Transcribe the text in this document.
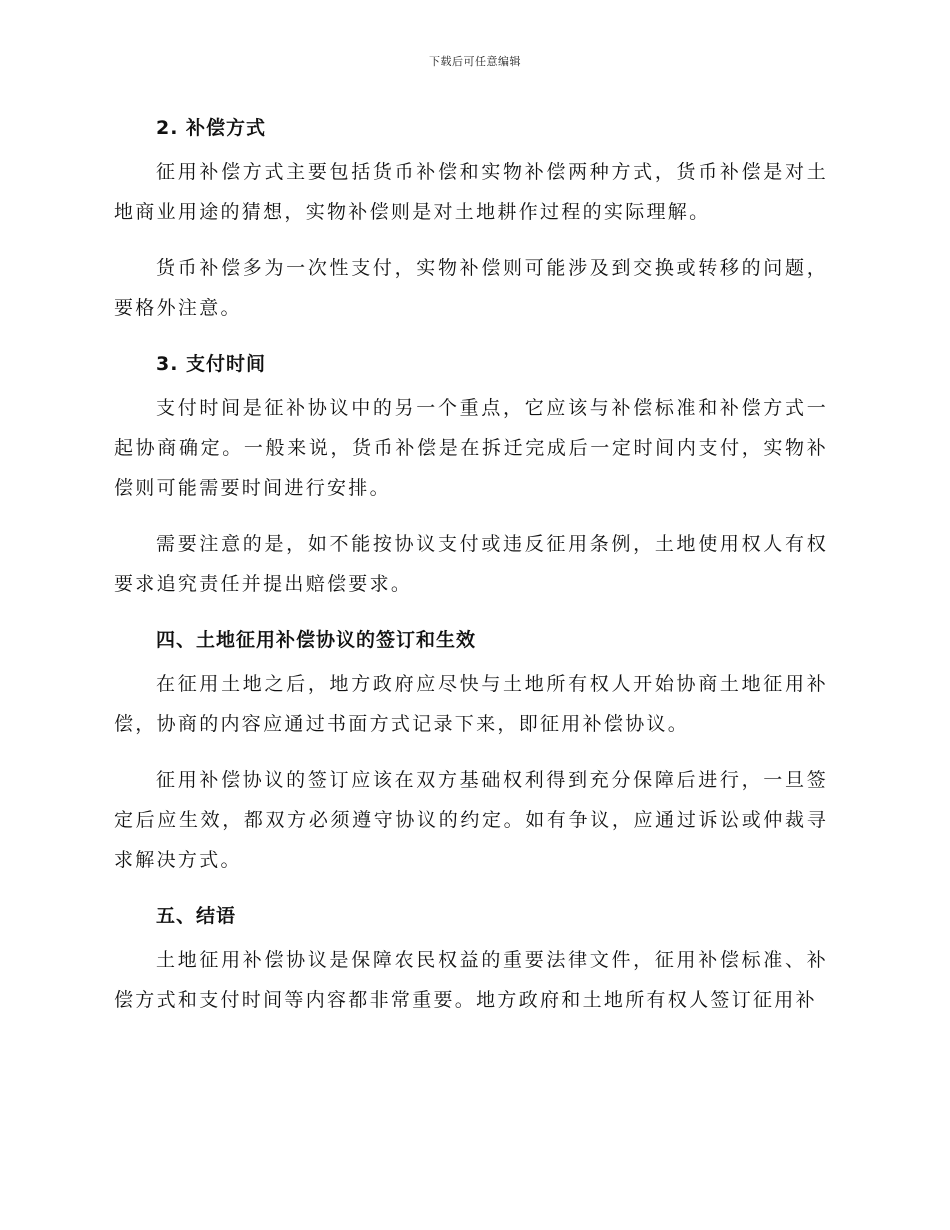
下载后可任意编辑
2. 补偿方式

征用补偿方式主要包括货币补偿和实物补偿两种方式，货币补偿是对土地商业用途的猜想，实物补偿则是对土地耕作过程的实际理解。

货币补偿多为一次性支付，实物补偿则可能涉及到交换或转移的问题，要格外注意。

3. 支付时间

支付时间是征补协议中的另一个重点，它应该与补偿标准和补偿方式一起协商确定。一般来说，货币补偿是在拆迁完成后一定时间内支付，实物补偿则可能需要时间进行安排。

需要注意的是，如不能按协议支付或违反征用条例，土地使用权人有权要求追究责任并提出赔偿要求。

四、土地征用补偿协议的签订和生效

在征用土地之后，地方政府应尽快与土地所有权人开始协商土地征用补偿，协商的内容应通过书面方式记录下来，即征用补偿协议。

征用补偿协议的签订应该在双方基础权利得到充分保障后进行，一旦签定后应生效，都双方必须遵守协议的约定。如有争议，应通过诉讼或仲裁寻求解决方式。

五、结语

土地征用补偿协议是保障农民权益的重要法律文件，征用补偿标准、补偿方式和支付时间等内容都非常重要。地方政府和土地所有权人签订征用补
